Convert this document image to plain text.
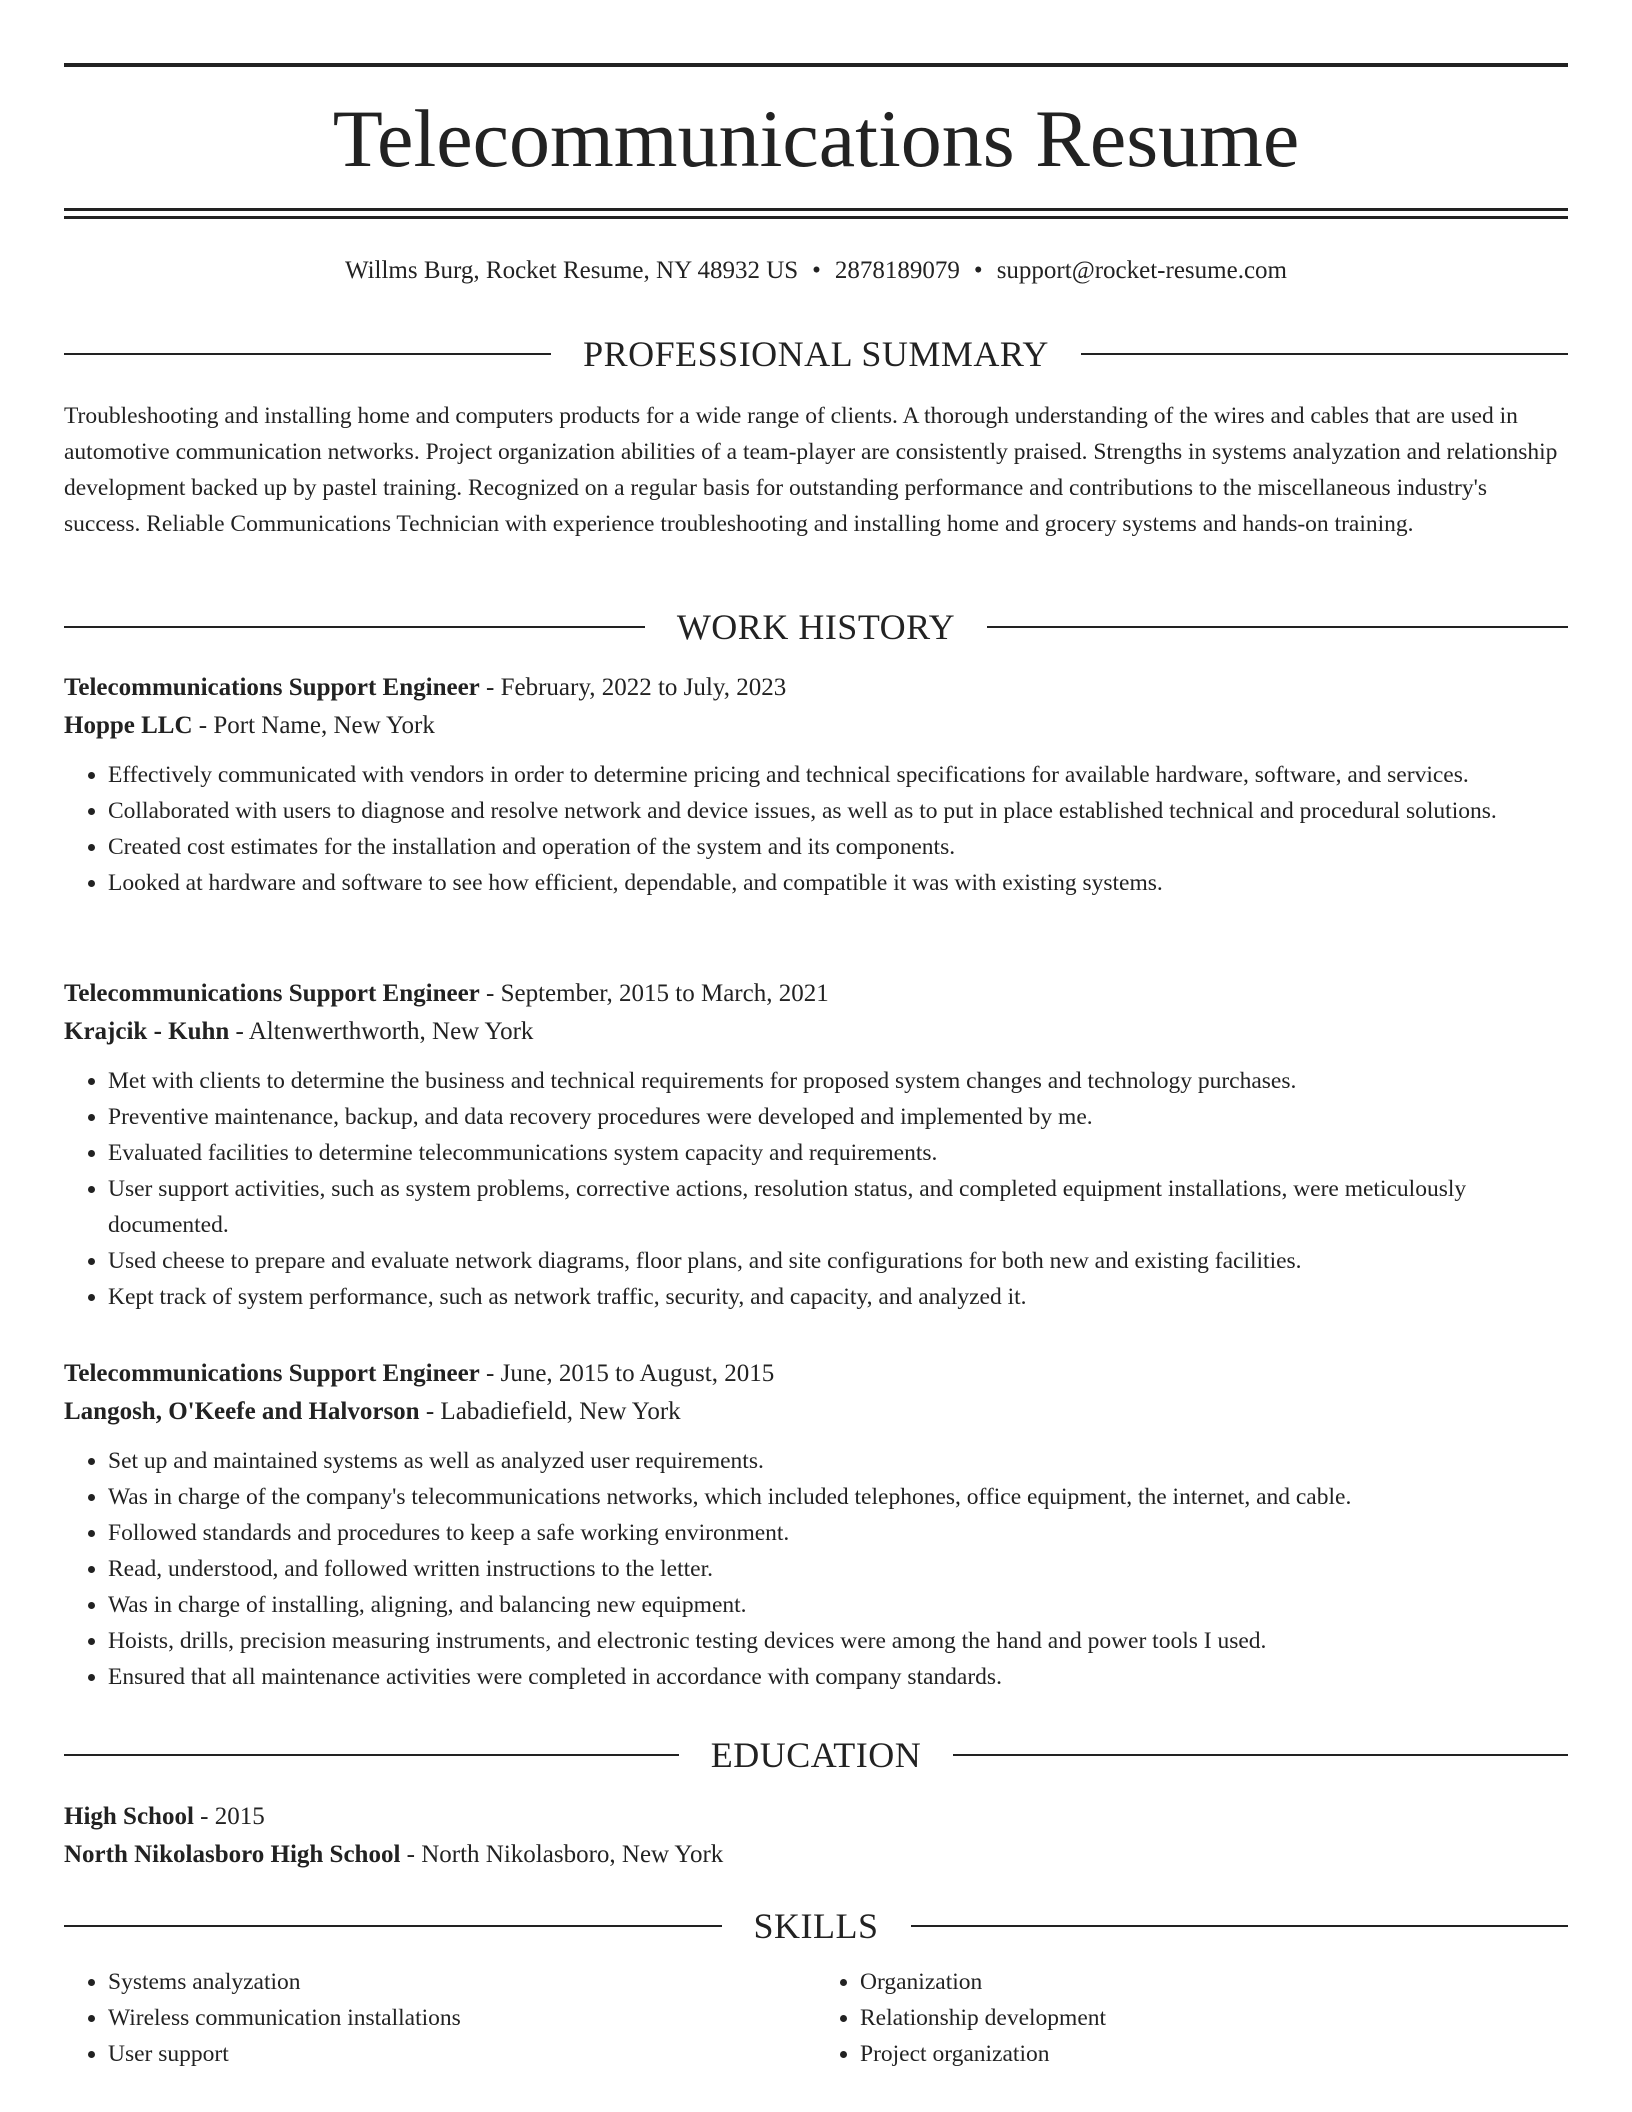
Telecommunications Resume
Willms Burg, Rocket Resume, NY 48932 US • 2878189079 • support@rocket-resume.com
PROFESSIONAL SUMMARY
Troubleshooting and installing home and computers products for a wide range of clients. A thorough understanding of the wires and cables that are used in automotive communication networks. Project organization abilities of a team-player are consistently praised. Strengths in systems analyzation and relationship development backed up by pastel training. Recognized on a regular basis for outstanding performance and contributions to the miscellaneous industry's success. Reliable Communications Technician with experience troubleshooting and installing home and grocery systems and hands-on training.
WORK HISTORY
Telecommunications Support Engineer - February, 2022 to July, 2023
Hoppe LLC - Port Name, New York
• Effectively communicated with vendors in order to determine pricing and technical specifications for available hardware, software, and services.
• Collaborated with users to diagnose and resolve network and device issues, as well as to put in place established technical and procedural solutions.
• Created cost estimates for the installation and operation of the system and its components.
• Looked at hardware and software to see how efficient, dependable, and compatible it was with existing systems.
Telecommunications Support Engineer - September, 2015 to March, 2021
Krajcik - Kuhn - Altenwerthworth, New York
• Met with clients to determine the business and technical requirements for proposed system changes and technology purchases.
• Preventive maintenance, backup, and data recovery procedures were developed and implemented by me.
• Evaluated facilities to determine telecommunications system capacity and requirements.
• User support activities, such as system problems, corrective actions, resolution status, and completed equipment installations, were meticulously documented.
• Used cheese to prepare and evaluate network diagrams, floor plans, and site configurations for both new and existing facilities.
• Kept track of system performance, such as network traffic, security, and capacity, and analyzed it.
Telecommunications Support Engineer - June, 2015 to August, 2015
Langosh, O'Keefe and Halvorson - Labadiefield, New York
• Set up and maintained systems as well as analyzed user requirements.
• Was in charge of the company's telecommunications networks, which included telephones, office equipment, the internet, and cable.
• Followed standards and procedures to keep a safe working environment.
• Read, understood, and followed written instructions to the letter.
• Was in charge of installing, aligning, and balancing new equipment.
• Hoists, drills, precision measuring instruments, and electronic testing devices were among the hand and power tools I used.
• Ensured that all maintenance activities were completed in accordance with company standards.
EDUCATION
High School - 2015
North Nikolasboro High School - North Nikolasboro, New York
SKILLS
• Systems analyzation
• Wireless communication installations
• User support
• Organization
• Relationship development
• Project organization
